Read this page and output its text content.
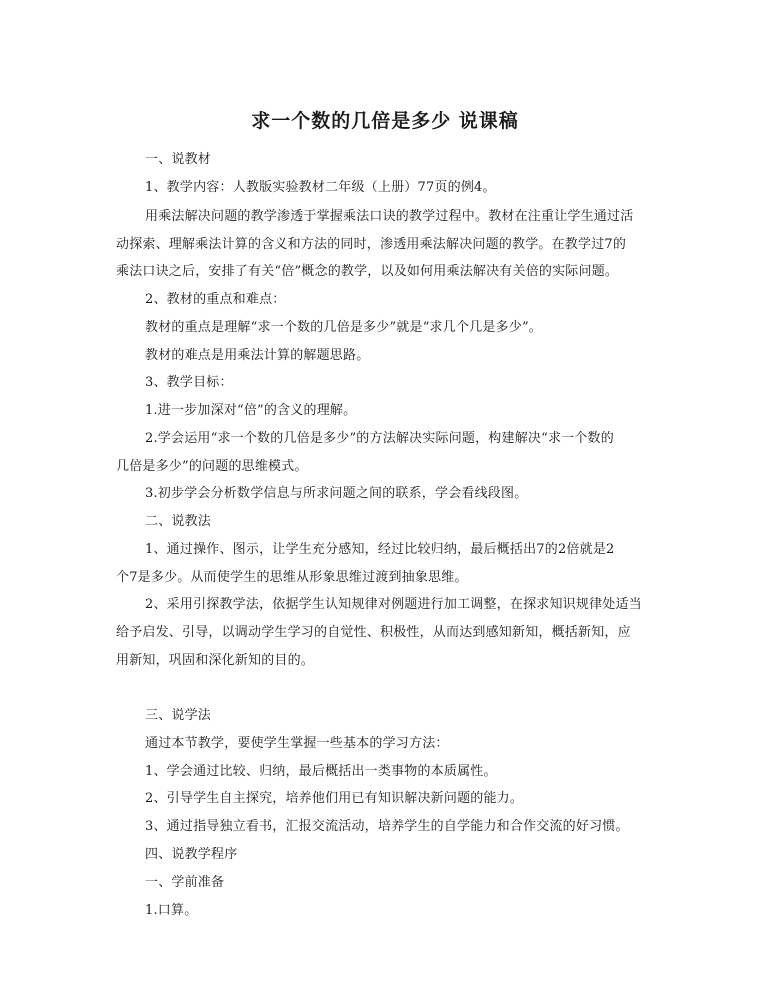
求一个数的几倍是多少 说课稿
一、说教材
1、教学内容：人教版实验教材二年级（上册）77页的例4。
用乘法解决问题的教学渗透于掌握乘法口诀的教学过程中。教材在注重让学生通过活
动探索、理解乘法计算的含义和方法的同时，渗透用乘法解决问题的教学。在教学过7的
乘法口诀之后，安排了有关“倍”概念的教学，以及如何用乘法解决有关倍的实际问题。
2、教材的重点和难点：
教材的重点是理解“求一个数的几倍是多少”就是“求几个几是多少”。
教材的难点是用乘法计算的解题思路。
3、教学目标：
1.进一步加深对“倍”的含义的理解。
2.学会运用“求一个数的几倍是多少”的方法解决实际问题，构建解决“求一个数的
几倍是多少”的问题的思维模式。
3.初步学会分析数学信息与所求问题之间的联系，学会看线段图。
二、说教法
1、通过操作、图示，让学生充分感知，经过比较归纳，最后概括出7的2倍就是2
个7是多少。从而使学生的思维从形象思维过渡到抽象思维。
2、采用引探教学法，依据学生认知规律对例题进行加工调整，在探求知识规律处适当
给予启发、引导，以调动学生学习的自觉性、积极性，从而达到感知新知，概括新知，应
用新知，巩固和深化新知的目的。
三、说学法
通过本节教学，要使学生掌握一些基本的学习方法：
1、学会通过比较、归纳，最后概括出一类事物的本质属性。
2、引导学生自主探究，培养他们用已有知识解决新问题的能力。
3、通过指导独立看书，汇报交流活动，培养学生的自学能力和合作交流的好习惯。
四、说教学程序
一、学前准备
1.口算。
